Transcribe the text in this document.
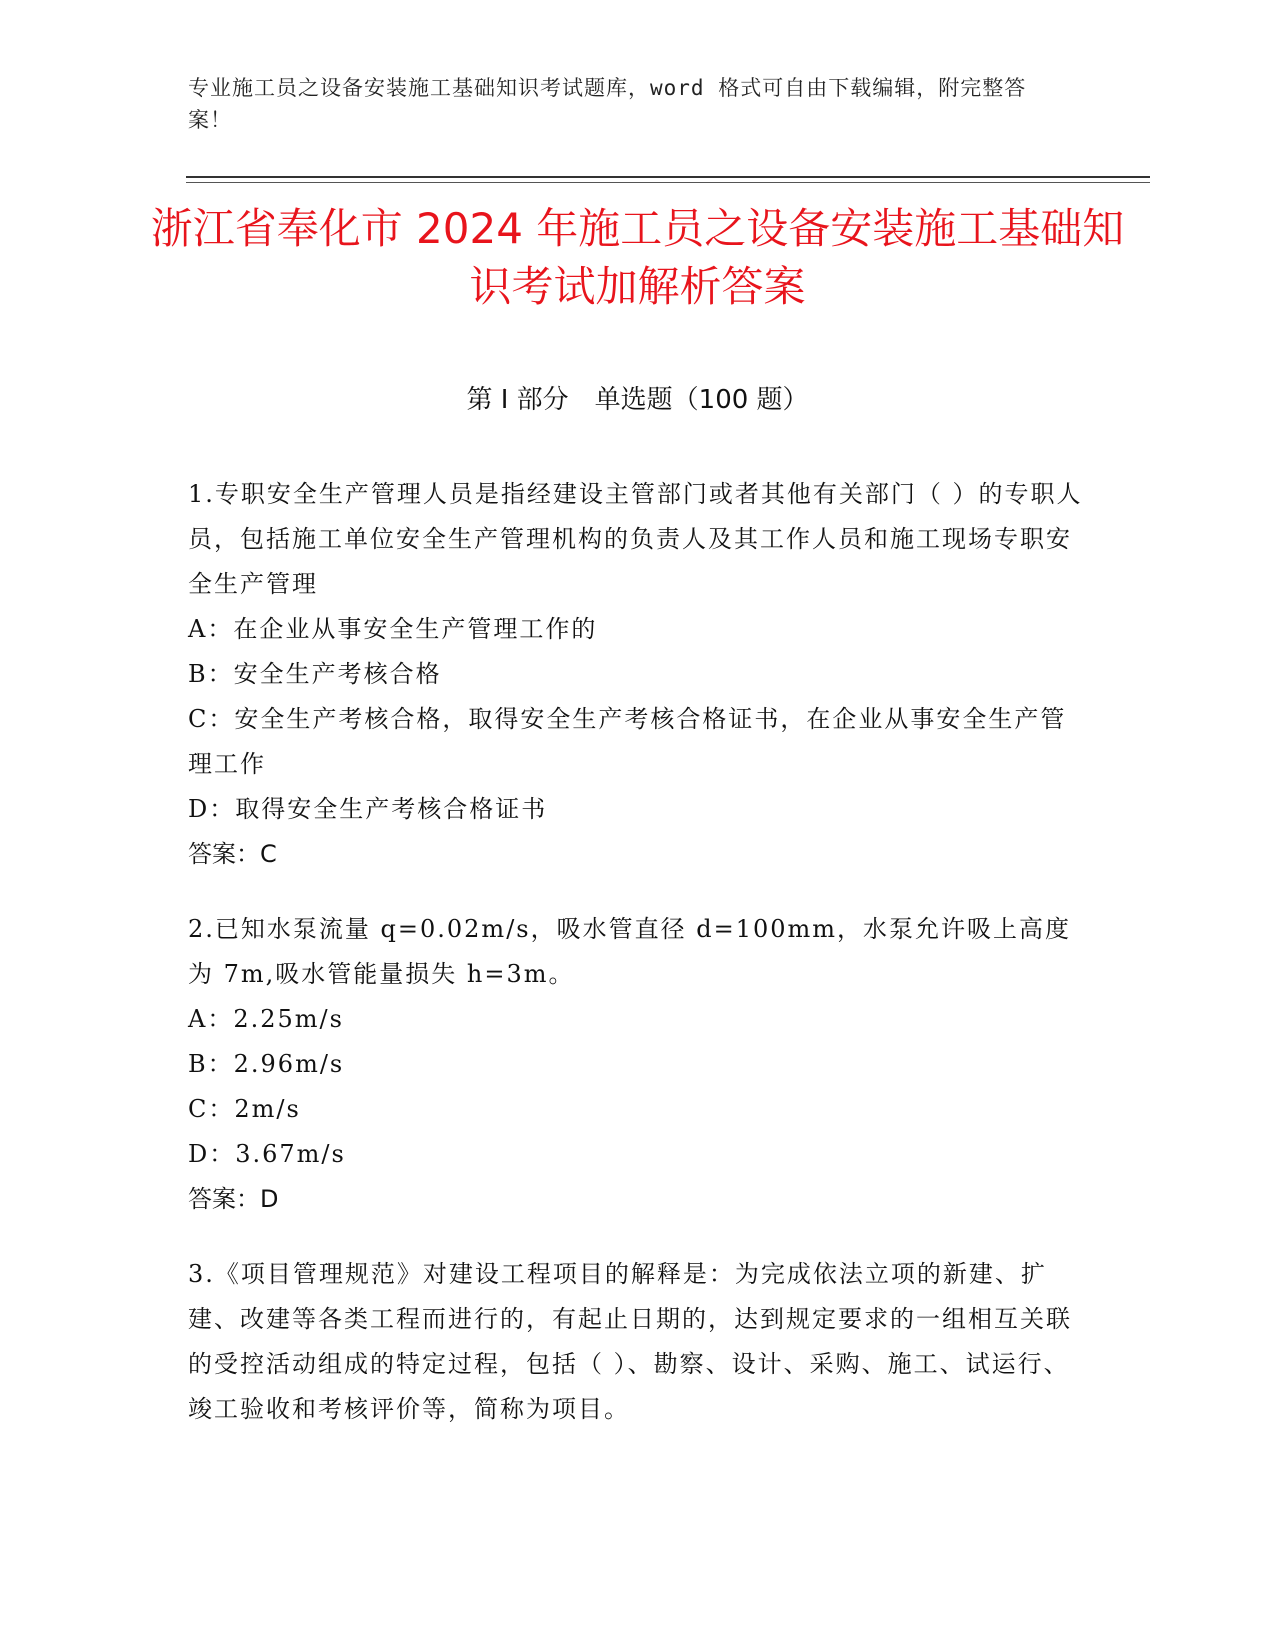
专业施工员之设备安装施工基础知识考试题库，word 格式可自由下载编辑，附完整答案！
浙江省奉化市 2024 年施工员之设备安装施工基础知识考试加解析答案
第 I 部分　单选题（100 题）

1.专职安全生产管理人员是指经建设主管部门或者其他有关部门（ ）的专职人员，包括施工单位安全生产管理机构的负责人及其工作人员和施工现场专职安全生产管理

A：在企业从事安全生产管理工作的

B：安全生产考核合格

C：安全生产考核合格，取得安全生产考核合格证书，在企业从事安全生产管理工作

D：取得安全生产考核合格证书

答案：C

2.已知水泵流量 q=0.02m/s，吸水管直径 d=100mm，水泵允许吸上高度为 7m,吸水管能量损失 h=3m。

A：2.25m/s

B：2.96m/s

C：2m/s

D：3.67m/s

答案：D

3.《项目管理规范》对建设工程项目的解释是：为完成依法立项的新建、扩建、改建等各类工程而进行的，有起止日期的，达到规定要求的一组相互关联的受控活动组成的特定过程，包括（ ）、勘察、设计、采购、施工、试运行、竣工验收和考核评价等，简称为项目。
